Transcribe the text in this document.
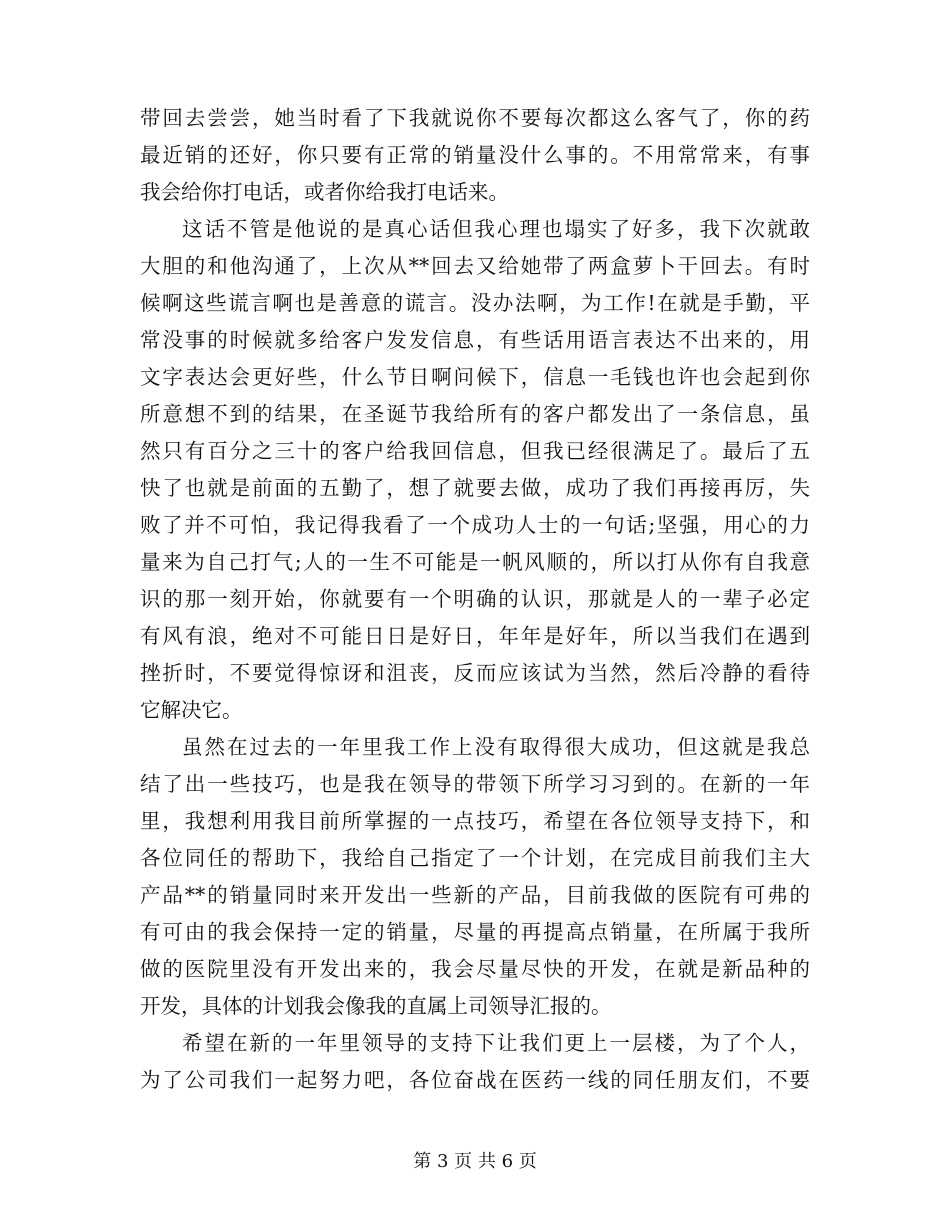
带回去尝尝，她当时看了下我就说你不要每次都这么客气了，你的药
最近销的还好，你只要有正常的销量没什么事的。不用常常来，有事
我会给你打电话，或者你给我打电话来。
这话不管是他说的是真心话但我心理也塌实了好多，我下次就敢
大胆的和他沟通了，上次从**回去又给她带了两盒萝卜干回去。有时
候啊这些谎言啊也是善意的谎言。没办法啊，为工作!在就是手勤，平
常没事的时候就多给客户发发信息，有些话用语言表达不出来的，用
文字表达会更好些，什么节日啊问候下，信息一毛钱也许也会起到你
所意想不到的结果，在圣诞节我给所有的客户都发出了一条信息，虽
然只有百分之三十的客户给我回信息，但我已经很满足了。最后了五
快了也就是前面的五勤了，想了就要去做，成功了我们再接再厉，失
败了并不可怕，我记得我看了一个成功人士的一句话;坚强，用心的力
量来为自己打气;人的一生不可能是一帆风顺的，所以打从你有自我意
识的那一刻开始，你就要有一个明确的认识，那就是人的一辈子必定
有风有浪，绝对不可能日日是好日，年年是好年，所以当我们在遇到
挫折时，不要觉得惊讶和沮丧，反而应该试为当然，然后冷静的看待
它解决它。
虽然在过去的一年里我工作上没有取得很大成功，但这就是我总
结了出一些技巧，也是我在领导的带领下所学习习到的。在新的一年
里，我想利用我目前所掌握的一点技巧，希望在各位领导支持下，和
各位同任的帮助下，我给自己指定了一个计划，在完成目前我们主大
产品**的销量同时来开发出一些新的产品，目前我做的医院有可弗的
有可由的我会保持一定的销量，尽量的再提高点销量，在所属于我所
做的医院里没有开发出来的，我会尽量尽快的开发，在就是新品种的
开发，具体的计划我会像我的直属上司领导汇报的。
希望在新的一年里领导的支持下让我们更上一层楼，为了个人，
为了公司我们一起努力吧，各位奋战在医药一线的同任朋友们，不要
第 3 页 共 6 页
